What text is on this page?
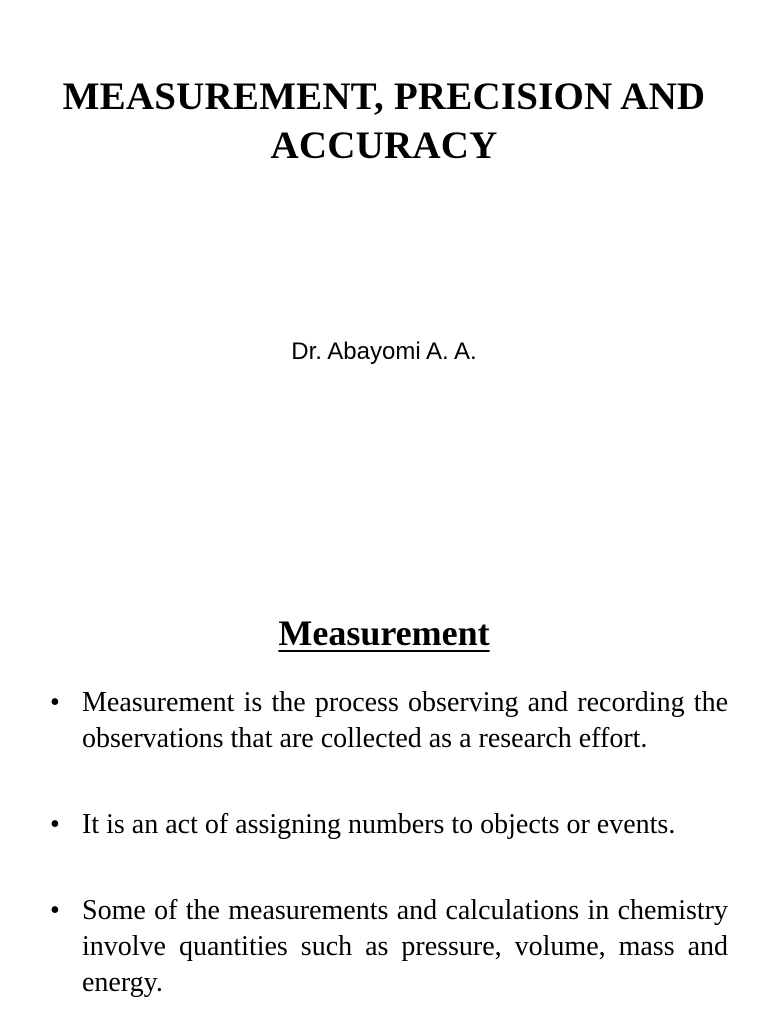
MEASUREMENT, PRECISION AND ACCURACY
Dr. Abayomi A. A.
Measurement
• Measurement is the process observing and recording the observations that are collected as a research effort.
• It is an act of assigning numbers to objects or events.
• Some of the measurements and calculations in chemistry involve quantities such as pressure, volume, mass and energy.
